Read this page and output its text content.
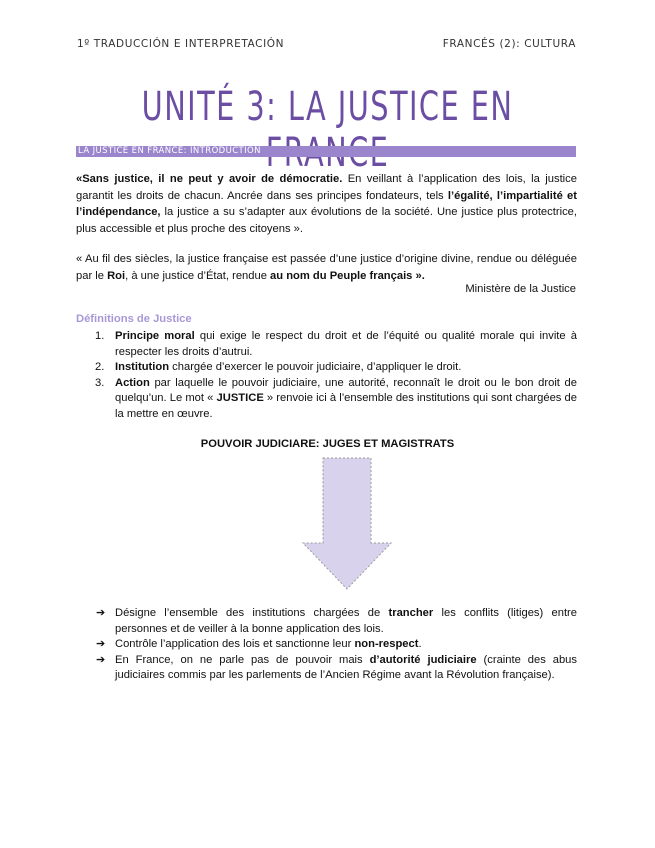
1º TRADUCCIÓN E INTERPRETACIÓN	FRANCÉS (2): CULTURA
UNITÉ 3: LA JUSTICE EN
LA JUSTICE EN FRANCE: INTRODUCTION
«Sans justice, il ne peut y avoir de démocratie. En veillant à l’application des lois, la justice garantit les droits de chacun. Ancrée dans ses principes fondateurs, tels l’égalité, l’impartialité et l’indépendance, la justice a su s’adapter aux évolutions de la société. Une justice plus protectrice, plus accessible et plus proche des citoyens ».
« Au fil des siècles, la justice française est passée d’une justice d’origine divine, rendue ou déléguée par le Roi, à une justice d’État, rendue au nom du Peuple français ».
Ministère de la Justice
Définitions de Justice
1. Principe moral qui exige le respect du droit et de l’équité ou qualité morale qui invite à respecter les droits d’autrui.
2. Institution chargée d’exercer le pouvoir judiciaire, d’appliquer le droit.
3. Action par laquelle le pouvoir judiciaire, une autorité, reconnaît le droit ou le bon droit de quelqu’un. Le mot « JUSTICE » renvoie ici à l’ensemble des institutions qui sont chargées de la mettre en œuvre.
POUVOIR JUDICIARE: JUGES ET MAGISTRATS
➔ Désigne l’ensemble des institutions chargées de trancher les conflits (litiges) entre personnes et de veiller à la bonne application des lois.
➔ Contrôle l’application des lois et sanctionne leur non-respect.
➔ En France, on ne parle pas de pouvoir mais d’autorité judiciaire (crainte des abus judiciaires commis par les parlements de l’Ancien Régime avant la Révolution française).
